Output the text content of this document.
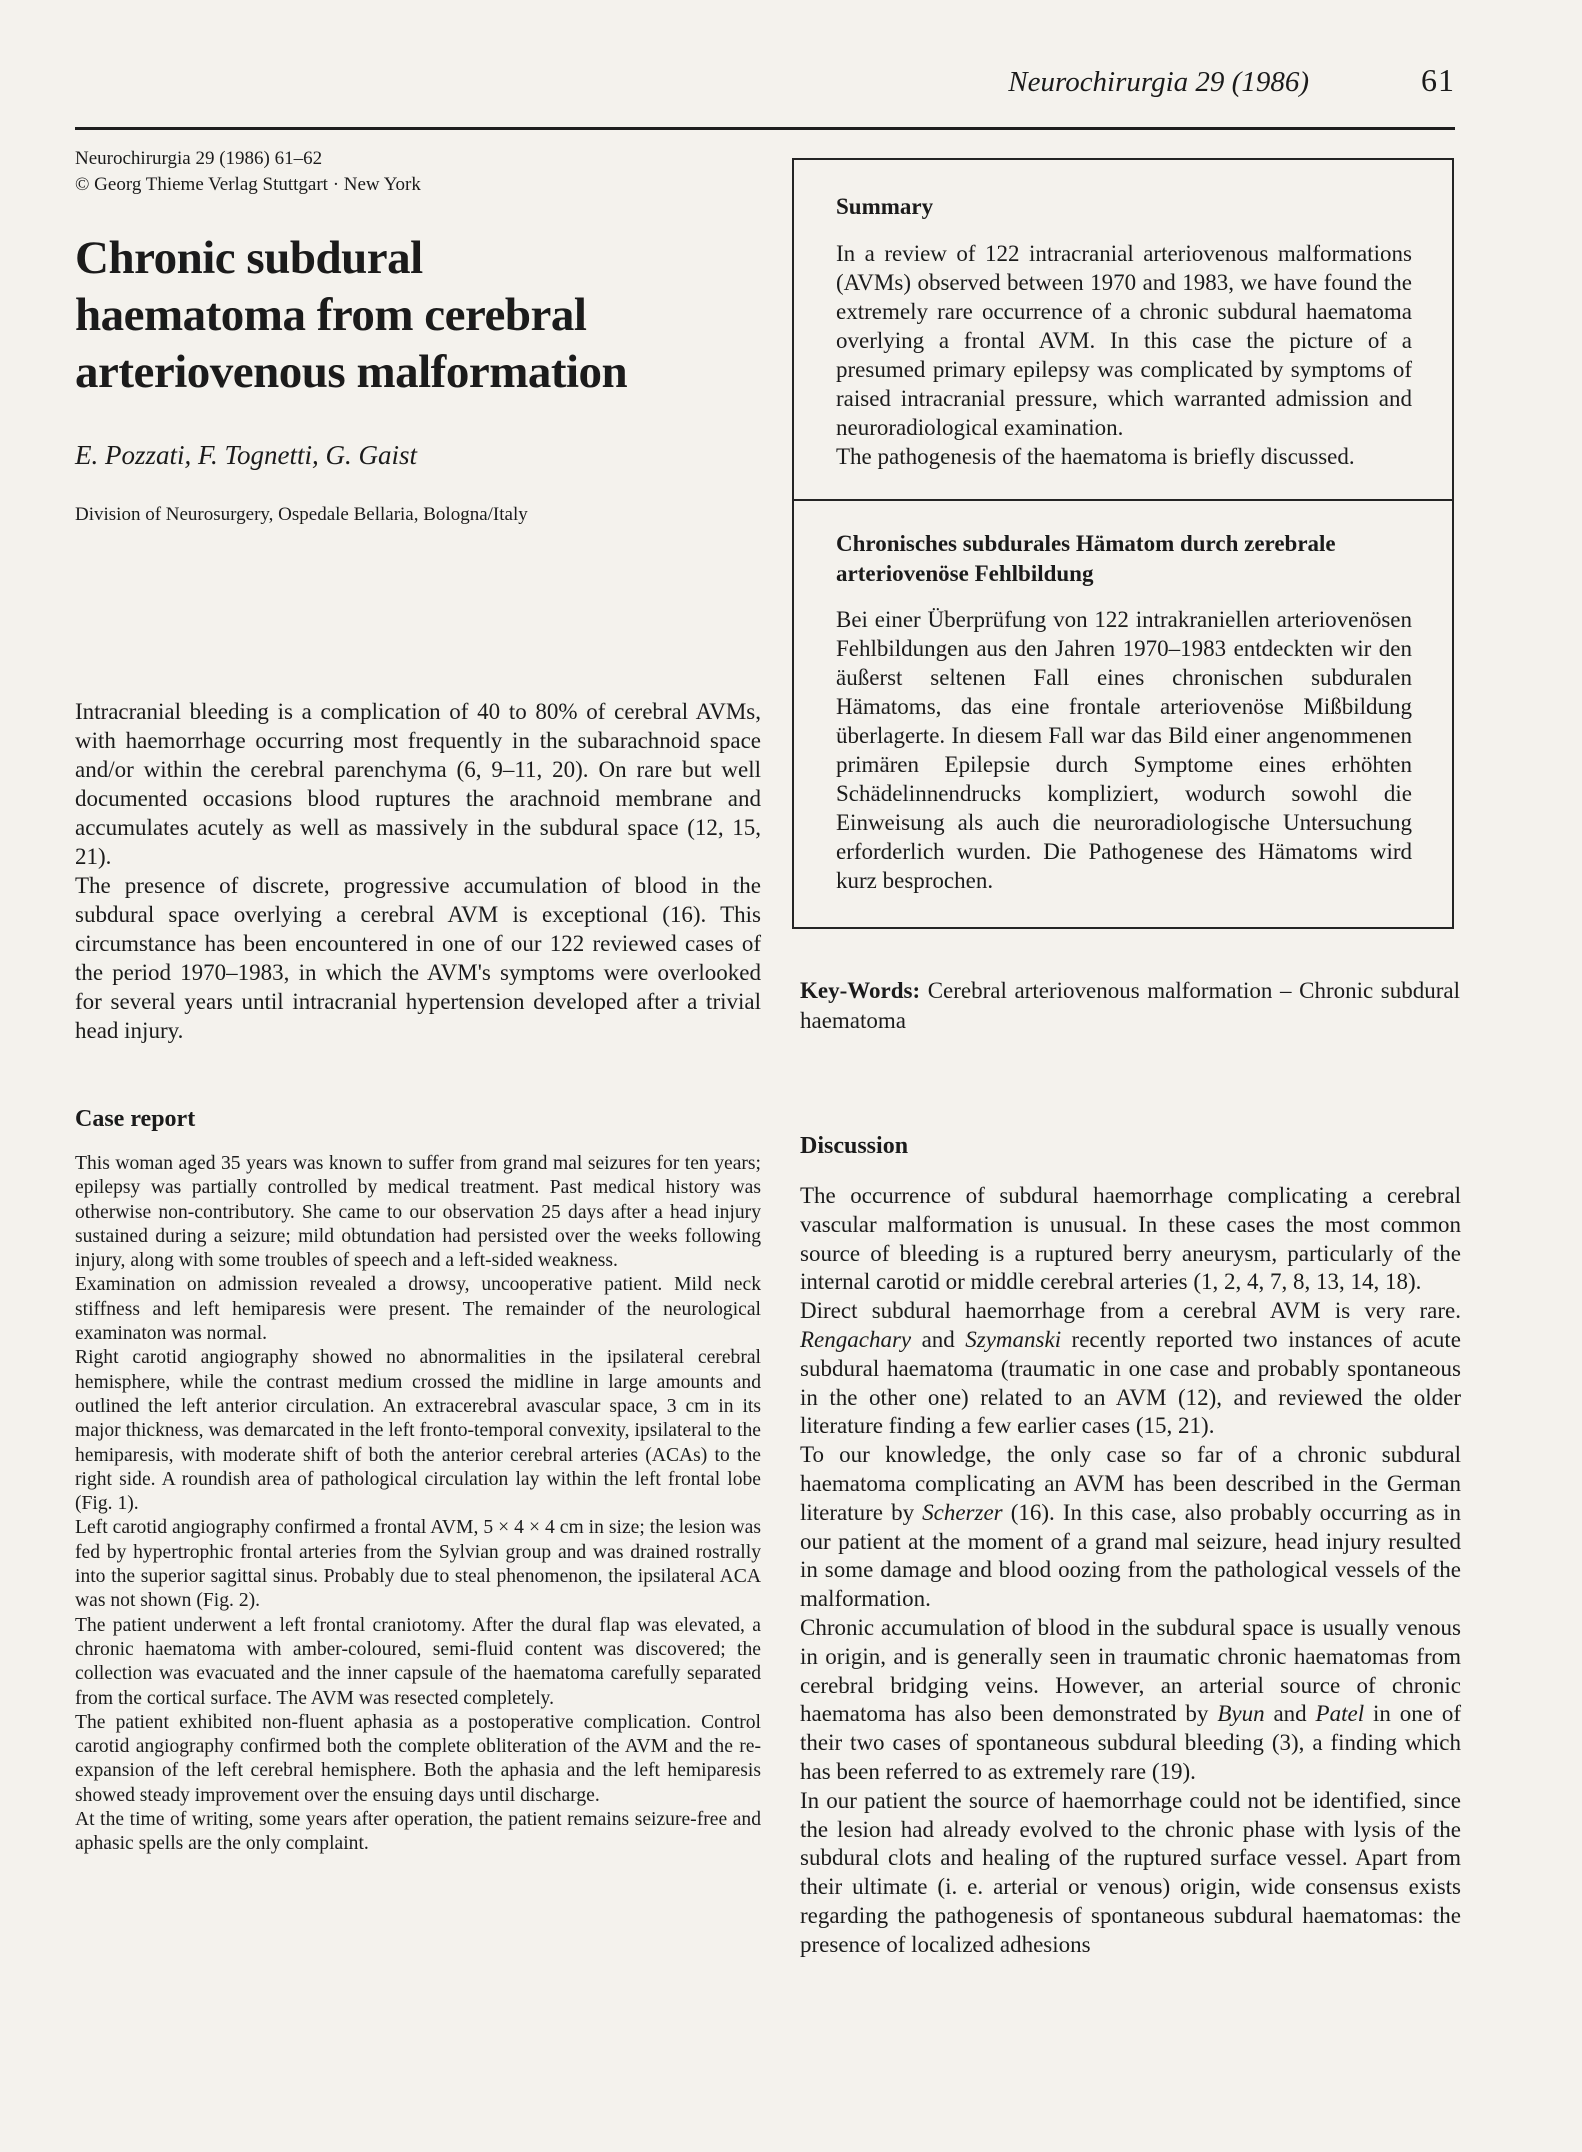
Neurochirurgia 29 (1986)	61

Neurochirurgia 29 (1986) 61–62

© Georg Thieme Verlag Stuttgart · New York

Chronic subdural

haematoma from cerebral

arteriovenous malformation

E. Pozzati, F. Tognetti, G. Gaist
Division of Neurosurgery, Ospedale Bellaria, Bologna/Italy

Intracranial bleeding is a complication of 40 to 80% of cerebral AVMs, with haemorrhage occurring most frequently in the subarachnoid space and/or within the cerebral parenchyma (6, 9–11, 20). On rare but well documented occasions blood ruptures the arachnoid membrane and accumulates acutely as well as massively in the subdural space (12, 15, 21).

The presence of discrete, progressive accumulation of blood in the subdural space overlying a cerebral AVM is exceptional (16). This circumstance has been encountered in one of our 122 reviewed cases of the period 1970–1983, in which the AVM's symptoms were overlooked for several years until intracranial hypertension developed after a trivial head injury.

Case report

This woman aged 35 years was known to suffer from grand mal seizures for ten years; epilepsy was partially controlled by medical treatment. Past medical history was otherwise non-contributory. She came to our observation 25 days after a head injury sustained during a seizure; mild obtundation had persisted over the weeks following injury, along with some troubles of speech and a left-sided weakness.

Examination on admission revealed a drowsy, uncooperative patient. Mild neck stiffness and left hemiparesis were present. The remainder of the neurological examinaton was normal.

Right carotid angiography showed no abnormalities in the ipsilateral cerebral hemisphere, while the contrast medium crossed the midline in large amounts and outlined the left anterior circulation. An extracerebral avascular space, 3 cm in its major thickness, was demarcated in the left fronto-temporal convexity, ipsilateral to the hemiparesis, with moderate shift of both the anterior cerebral arteries (ACAs) to the right side. A roundish area of pathological circulation lay within the left frontal lobe (Fig. 1).

Left carotid angiography confirmed a frontal AVM, 5 × 4 × 4 cm in size; the lesion was fed by hypertrophic frontal arteries from the Sylvian group and was drained rostrally into the superior sagittal sinus. Probably due to steal phenomenon, the ipsilateral ACA was not shown (Fig. 2).

The patient underwent a left frontal craniotomy. After the dural flap was elevated, a chronic haematoma with amber-coloured, semi-fluid content was discovered; the collection was evacuated and the inner capsule of the haematoma carefully separated from the cortical surface. The AVM was resected completely.

The patient exhibited non-fluent aphasia as a postoperative complication. Control carotid angiography confirmed both the complete obliteration of the AVM and the re-expansion of the left cerebral hemisphere. Both the aphasia and the left hemiparesis showed steady improvement over the ensuing days until discharge.

At the time of writing, some years after operation, the patient remains seizure-free and aphasic spells are the only complaint.

Summary

In a review of 122 intracranial arteriovenous malformations (AVMs) observed between 1970 and 1983, we have found the extremely rare occurrence of a chronic subdural haematoma overlying a frontal AVM. In this case the picture of a presumed primary epilepsy was complicated by symptoms of raised intracranial pressure, which warranted admission and neuroradiological examination.

The pathogenesis of the haematoma is briefly discussed.

Chronisches subdurales Hämatom durch zerebrale arteriovenöse Fehlbildung

Bei einer Überprüfung von 122 intrakraniellen arteriovenösen Fehlbildungen aus den Jahren 1970–1983 entdeckten wir den äußerst seltenen Fall eines chronischen subduralen Hämatoms, das eine frontale arteriovenöse Mißbildung überlagerte. In diesem Fall war das Bild einer angenommenen primären Epilepsie durch Symptome eines erhöhten Schädelinnendrucks kompliziert, wodurch sowohl die Einweisung als auch die neuroradiologische Untersuchung erforderlich wurden. Die Pathogenese des Hämatoms wird kurz besprochen.

Key-Words: Cerebral arteriovenous malformation – Chronic subdural haematoma

Discussion

The occurrence of subdural haemorrhage complicating a cerebral vascular malformation is unusual. In these cases the most common source of bleeding is a ruptured berry aneurysm, particularly of the internal carotid or middle cerebral arteries (1, 2, 4, 7, 8, 13, 14, 18).

Direct subdural haemorrhage from a cerebral AVM is very rare. Rengachary and Szymanski recently reported two instances of acute subdural haematoma (traumatic in one case and probably spontaneous in the other one) related to an AVM (12), and reviewed the older literature finding a few earlier cases (15, 21).

To our knowledge, the only case so far of a chronic subdural haematoma complicating an AVM has been described in the German literature by Scherzer (16). In this case, also probably occurring as in our patient at the moment of a grand mal seizure, head injury resulted in some damage and blood oozing from the pathological vessels of the malformation.

Chronic accumulation of blood in the subdural space is usually venous in origin, and is generally seen in traumatic chronic haematomas from cerebral bridging veins. However, an arterial source of chronic haematoma has also been demonstrated by Byun and Patel in one of their two cases of spontaneous subdural bleeding (3), a finding which has been referred to as extremely rare (19).

In our patient the source of haemorrhage could not be identified, since the lesion had already evolved to the chronic phase with lysis of the subdural clots and healing of the ruptured surface vessel. Apart from their ultimate (i. e. arterial or venous) origin, wide consensus exists regarding the pathogenesis of spontaneous subdural haematomas: the presence of localized adhesions
